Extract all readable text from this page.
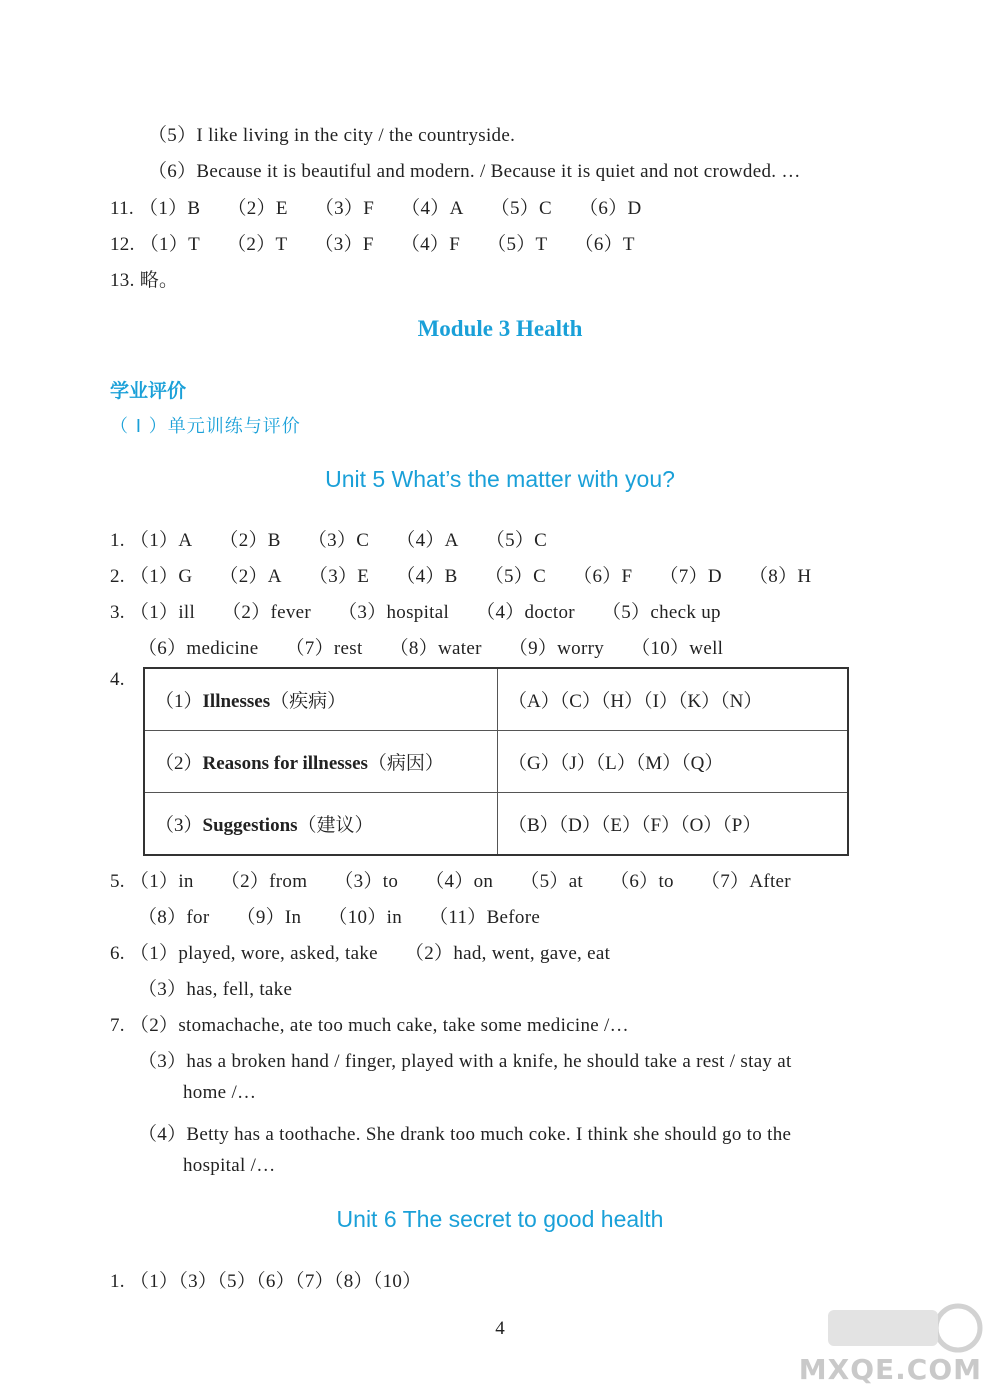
（5）I like living in the city / the countryside.
（6）Because it is beautiful and modern. / Because it is quiet and not crowded. …
11. （1）B （2）E （3）F （4）A （5）C （6）D
12. （1）T （2）T （3）F （4）F （5）T （6）T
13. 略。
Module 3 Health
学业评价
（ I ）单元训练与评价
Unit 5 What’s the matter with you?
1. （1）A （2）B （3）C （4）A （5）C
2. （1）G （2）A （3）E （4）B （5）C （6）F （7）D （8）H
3. （1）ill （2）fever （3）hospital （4）doctor （5）check up
（6）medicine （7）rest （8）water （9）worry （10）well
4.
（1）Illnesses（疾病）	（A）（C）（H）（I）（K）（N）
（2）Reasons for illnesses（病因）	（G）（J）（L）（M）（Q）
（3）Suggestions（建议）	（B）（D）（E）（F）（O）（P）
5. （1）in （2）from （3）to （4）on （5）at （6）to （7）After
（8）for （9）In （10）in （11）Before
6. （1）played, wore, asked, take （2）had, went, gave, eat
（3）has, fell, take
7. （2）stomachache, ate too much cake, take some medicine /…
（3）has a broken hand / finger, played with a knife, he should take a rest / stay at
home /…
（4）Betty has a toothache. She drank too much coke. I think she should go to the
hospital /…
Unit 6 The secret to good health
1. （1）（3）（5）（6）（7）（8）（10）
4
MXQE.COM
